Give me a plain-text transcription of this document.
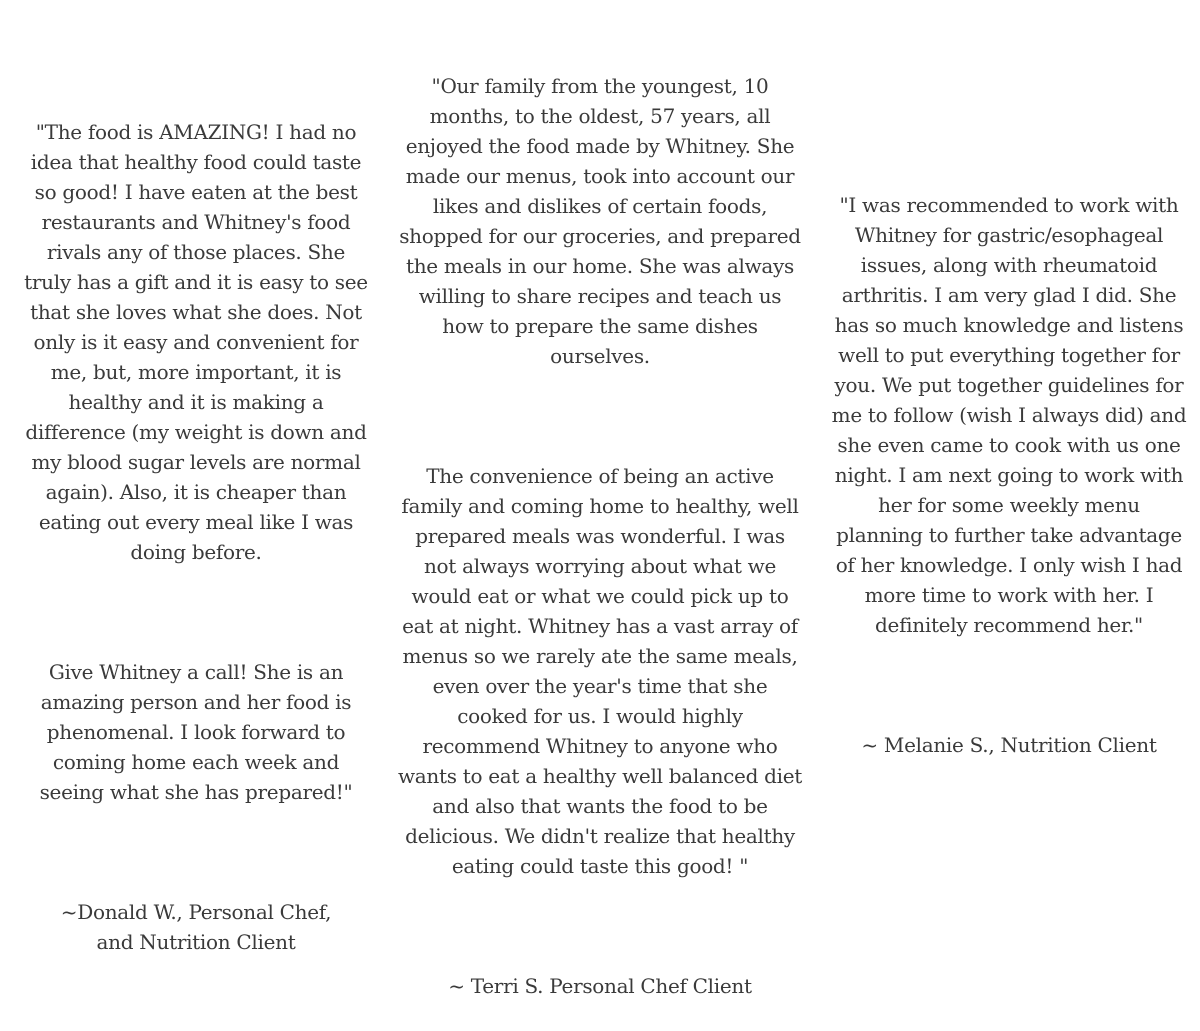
"The food is AMAZING! I had no
idea that healthy food could taste
so good! I have eaten at the best
restaurants and Whitney's food
rivals any of those places. She
truly has a gift and it is easy to see
that she loves what she does. Not
only is it easy and convenient for
me, but, more important, it is
healthy and it is making a
difference (my weight is down and
my blood sugar levels are normal
again). Also, it is cheaper than
eating out every meal like I was
doing before.

Give Whitney a call! She is an
amazing person and her food is
phenomenal. I look forward to
coming home each week and
seeing what she has prepared!"

~Donald W., Personal Chef,
and Nutrition Client

"Our family from the youngest, 10
months, to the oldest, 57 years, all
enjoyed the food made by Whitney. She
made our menus, took into account our
likes and dislikes of certain foods,
shopped for our groceries, and prepared
the meals in our home. She was always
willing to share recipes and teach us
how to prepare the same dishes
ourselves.

The convenience of being an active
family and coming home to healthy, well
prepared meals was wonderful. I was
not always worrying about what we
would eat or what we could pick up to
eat at night. Whitney has a vast array of
menus so we rarely ate the same meals,
even over the year's time that she
cooked for us. I would highly
recommend Whitney to anyone who
wants to eat a healthy well balanced diet
and also that wants the food to be
delicious. We didn't realize that healthy
eating could taste this good! "

~ Terri S. Personal Chef Client

"I was recommended to work with
Whitney for gastric/esophageal
issues, along with rheumatoid
arthritis. I am very glad I did. She
has so much knowledge and listens
well to put everything together for
you. We put together guidelines for
me to follow (wish I always did) and
she even came to cook with us one
night. I am next going to work with
her for some weekly menu
planning to further take advantage
of her knowledge. I only wish I had
more time to work with her. I
definitely recommend her."

~ Melanie S., Nutrition Client
